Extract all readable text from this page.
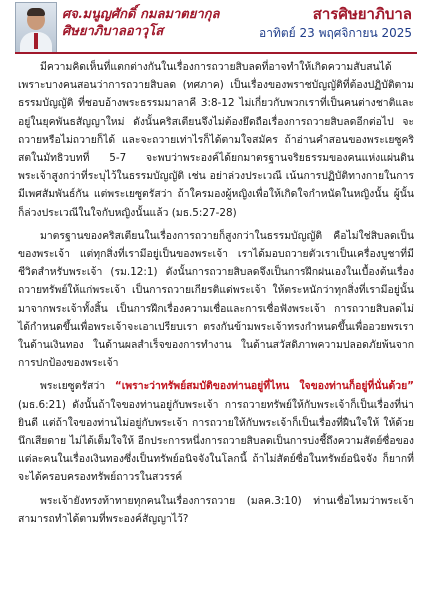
ศจ.มนูญศักดิ์ กมลมาตยากุล
ศิษยาภิบาลอาวุโส
สารศิษยาภิบาล
อาทิตย์ 23 พฤศจิกายน 2025

มีความคิดเห็นที่แตกต่างกันในเรื่องการถวายสิบลดที่อาจทำให้เกิดความสับสนได้ เพราะบางคนสอนว่าการถวายสิบลด (ทศภาค) เป็นเรื่องของพราชบัญญัติที่ต้องปฏิบัติตามธรรมบัญญัติ ที่ชอบอ้างพระธรรมมาลาคี 3:8-12 ไม่เกี่ยวกับพวกเราที่เป็นคนต่างชาติและอยู่ในยุคพันธสัญญาใหม่ ดังนั้นคริสเตียนจึงไม่ต้องยึดถือเรื่องการถวายสิบลดอีกต่อไป จะถวายหรือไม่ถวายก็ได้ และจะถวายเท่าไรก็ได้ตามใจสมัคร ถ้าอ่านคำสอนของพระเยซูคริสตในมัทธิวบทที่ 5-7 จะพบว่าพระองค์ได้ยกมาตรฐานจริยธรรมของคนแห่งแผ่นดินพระเจ้าสูงกว่าที่ระบุไว้ในธรรมบัญญัติ เช่น อย่าล่วงประเวณี เน้นการปฏิบัติทางกายในการมีเพศสัมพันธ์กัน แต่พระเยซูตรัสว่า ถ้าใครมองผู้หญิงเพื่อให้เกิดใจกำหนัดในหญิงนั้น ผู้นั้นก็ล่วงประเวณีในใจกับหญิงนั้นแล้ว (มธ.5:27-28)

มาตรฐานของคริสเตียนในเรื่องการถวายก็สูงกว่าในธรรมบัญญัติ คือไม่ใช่สิบลดเป็นของพระเจ้า แต่ทุกสิ่งที่เรามีอยู่เป็นของพระเจ้า เราได้มอบถวายตัวเราเป็นเครื่องบูชาที่มีชีวิตสำหรับพระเจ้า (รม.12:1) ดังนั้นการถวายสิบลดจึงเป็นการฝึกฝนเองในเบื้องต้นเรื่องถวายทรัพย์ให้แก่พระเจ้า เป็นการถวายเกียรติแด่พระเจ้า ให้ตระหนักว่าทุกสิ่งที่เรามีอยู่นั้นมาจากพระเจ้าทั้งสิ้น เป็นการฝึกเรื่องความเชื่อและการเชื่อฟังพระเจ้า การถวายสิบลดไม่ได้กำหนดขึ้นเพื่อพระเจ้าจะเอาเปรียบเรา ตรงกันข้ามพระเจ้าทรงกำหนดขึ้นเพื่ออวยพรเราในด้านเงินทอง ในด้านผลสำเร็จของการทำงาน ในด้านสวัสดิภาพความปลอดภัยพ้นจากการปกป้องของพระเจ้า

พระเยซูตรัสว่า “เพราะว่าทรัพย์สมบัติของท่านอยู่ที่ไหน ใจของท่านก็อยู่ที่นั่นด้วย” (มธ.6:21) ดังนั้นถ้าใจของท่านอยู่กับพระเจ้า การถวายทรัพย์ให้กับพระเจ้าก็เป็นเรื่องที่น่ายินดี แต่ถ้าใจของท่านไม่อยู่กับพระเจ้า การถวายให้กับพระเจ้าก็เป็นเรื่องที่ฝืนใจให้ ให้ด้วยนึกเสียดาย ไม่ได้เต็มใจให้ อีกประการหนึ่งการถวายสิบลดเป็นการบ่งชี้ถึงความสัตย์ซื่อของแต่ละคนในเรื่องเงินทองซึ่งเป็นทรัพย์อนิจจังในโลกนี้ ถ้าไม่สัตย์ซื่อในทรัพย์อนิจจัง ก็ยากที่จะได้ครอบครองทรัพย์ถาวรในสวรรค์

พระเจ้ายังทรงท้าทายทุกคนในเรื่องการถวาย (มลค.3:10) ท่านเชื่อไหมว่าพระเจ้าสามารถทำได้ตามที่พระองค์สัญญาไว้?
